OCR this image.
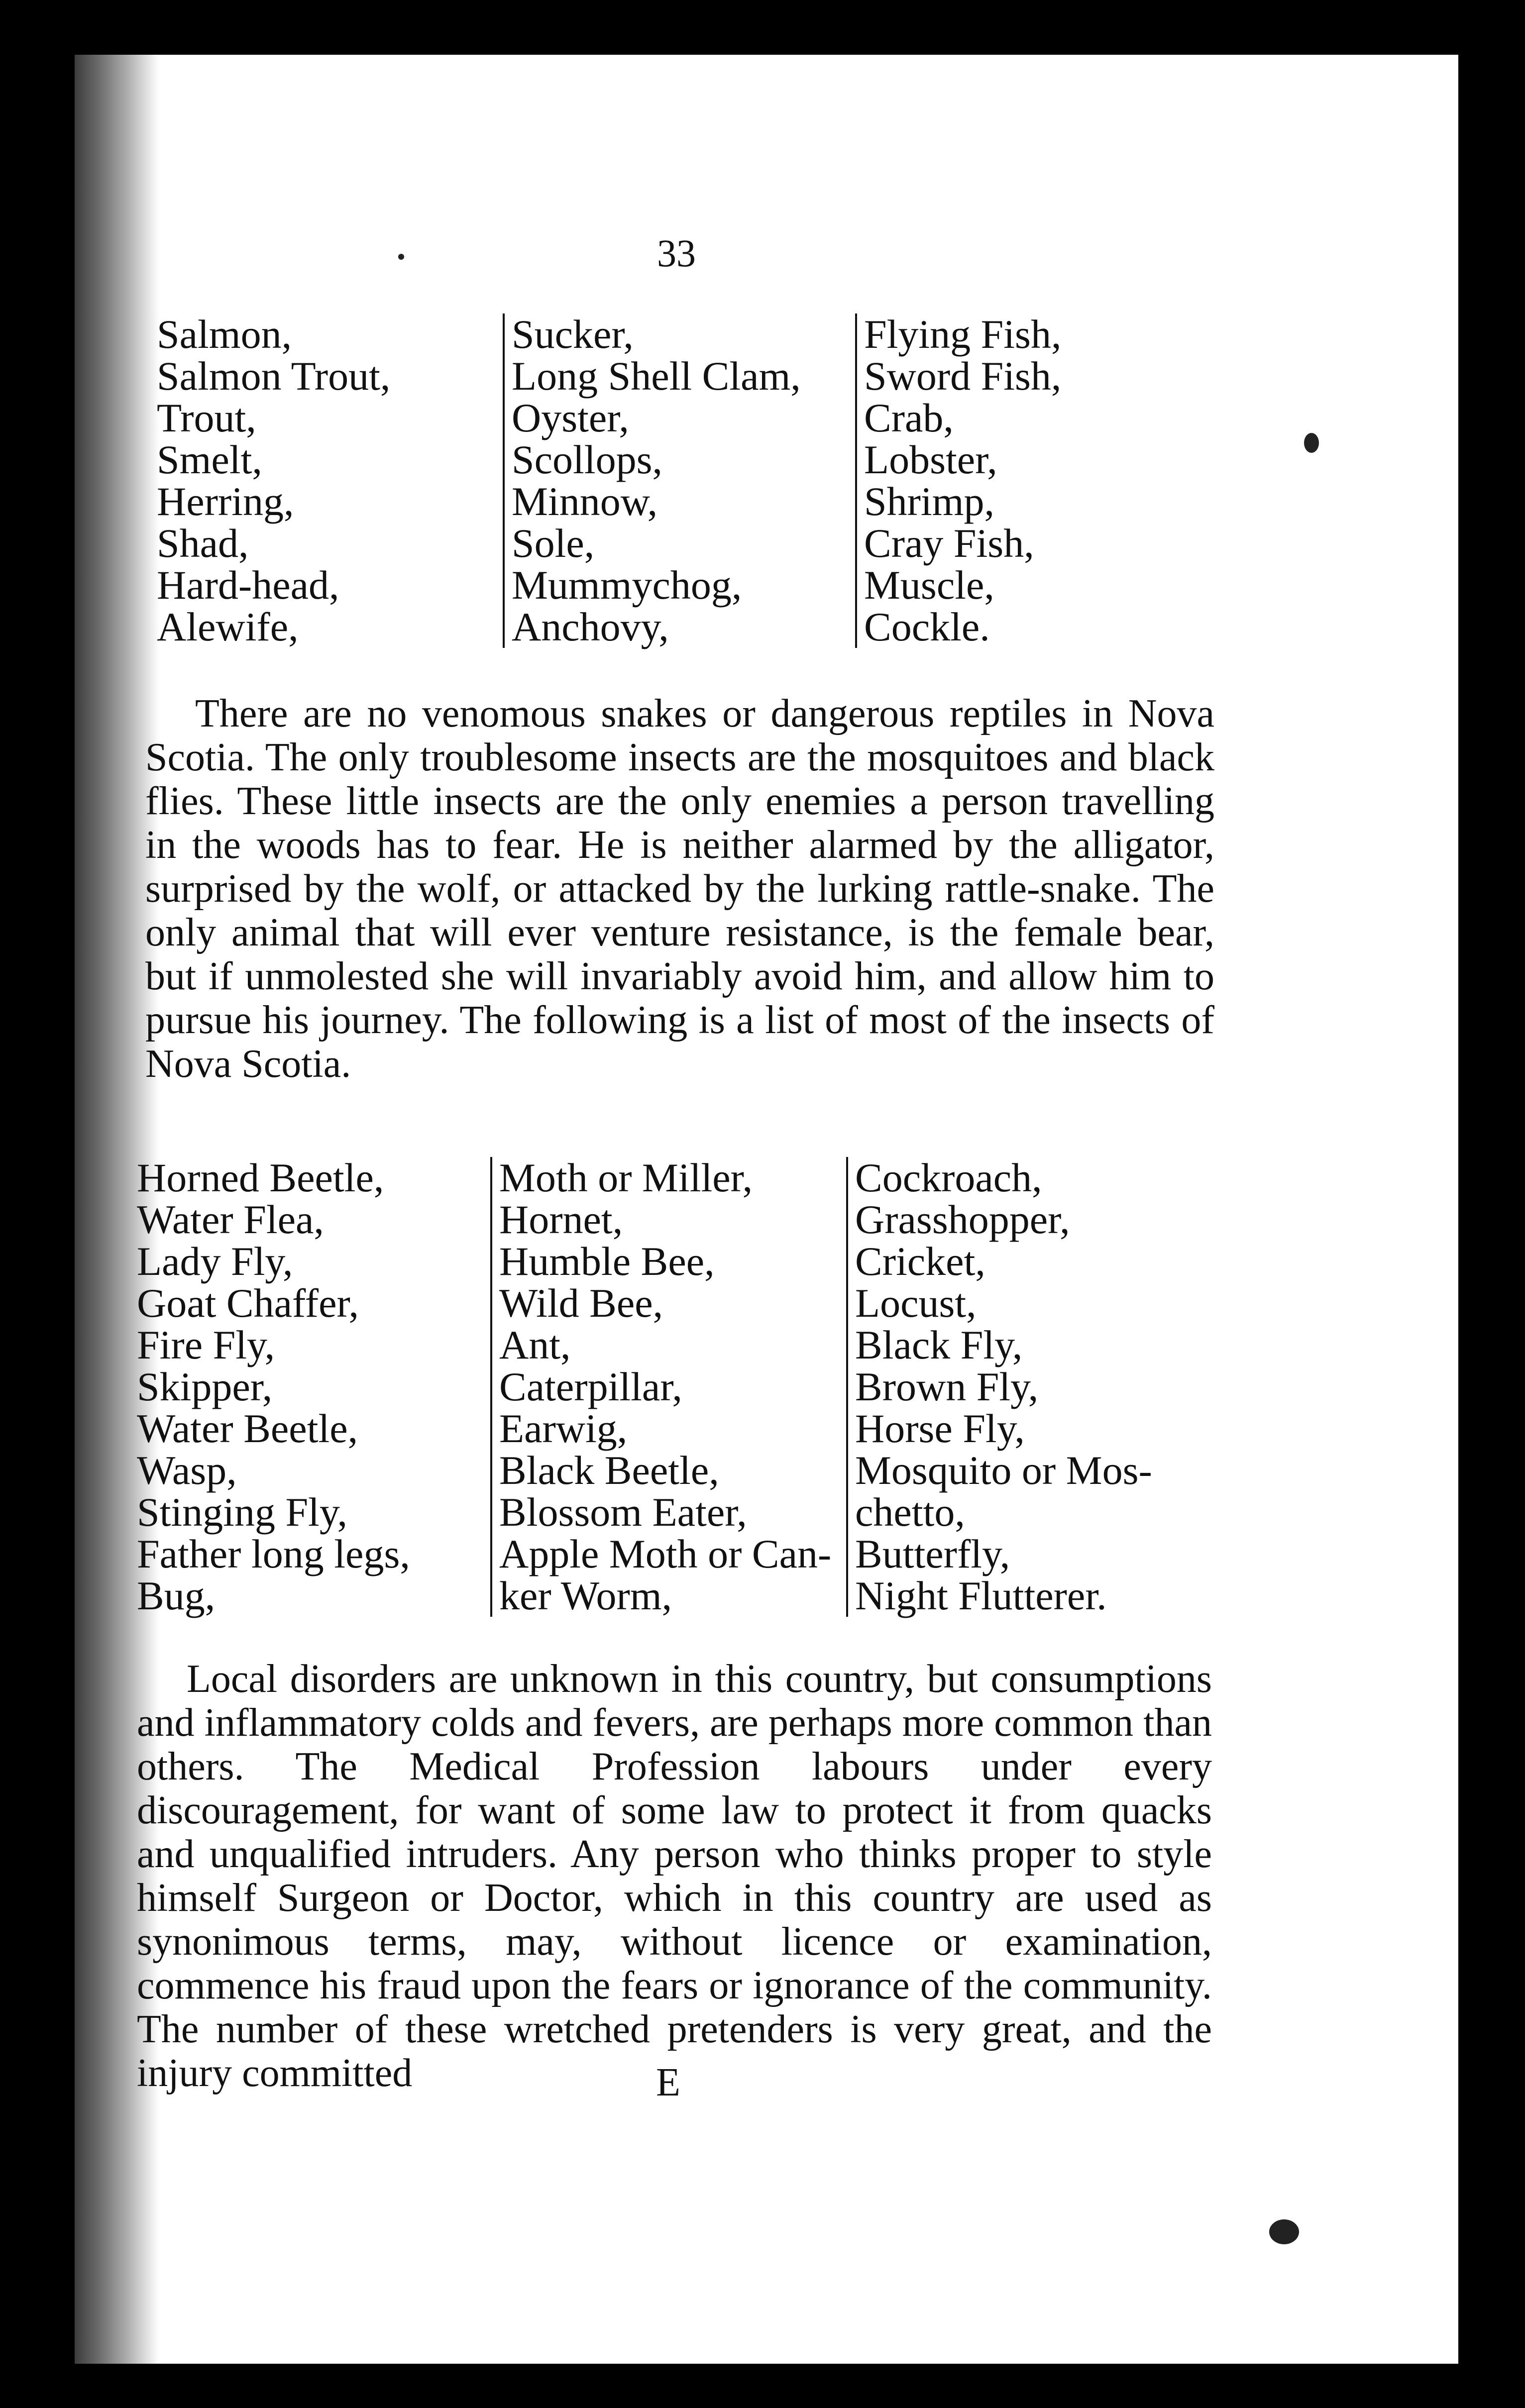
33
Salmon,
Salmon Trout,
Trout,
Smelt,
Herring,
Shad,
Hard-head,
Alewife,
Sucker,
Long Shell Clam,
Oyster,
Scollops,
Minnow,
Sole,
Mummychog,
Anchovy,
Flying Fish,
Sword Fish,
Crab,
Lobster,
Shrimp,
Cray Fish,
Muscle,
Cockle.

There are no venomous snakes or dangerous reptiles in Nova Scotia. The only troublesome insects are the mosquitoes and black flies. These little insects are the only enemies a person travelling in the woods has to fear. He is neither alarmed by the alligator, surprised by the wolf, or attacked by the lurking rattle-snake. The only animal that will ever venture resistance, is the female bear, but if unmolested she will invariably avoid him, and allow him to pursue his journey. The following is a list of most of the insects of Nova Scotia.

Horned Beetle,
Water Flea,
Lady Fly,
Goat Chaffer,
Fire Fly,
Skipper,
Water Beetle,
Wasp,
Stinging Fly,
Father long legs,
Bug,
Moth or Miller,
Hornet,
Humble Bee,
Wild Bee,
Ant,
Caterpillar,
Earwig,
Black Beetle,
Blossom Eater,
Apple Moth or Can-
ker Worm,
Cockroach,
Grasshopper,
Cricket,
Locust,
Black Fly,
Brown Fly,
Horse Fly,
Mosquito or Mos-
chetto,
Butterfly,
Night Flutterer.

Local disorders are unknown in this country, but consumptions and inflammatory colds and fevers, are perhaps more common than others. The Medical Profession labours under every discouragement, for want of some law to protect it from quacks and unqualified intruders. Any person who thinks proper to style himself Surgeon or Doctor, which in this country are used as synonimous terms, may, without licence or examination, commence his fraud upon the fears or ignorance of the community. The number of these wretched pretenders is very great, and the injury committed	E
